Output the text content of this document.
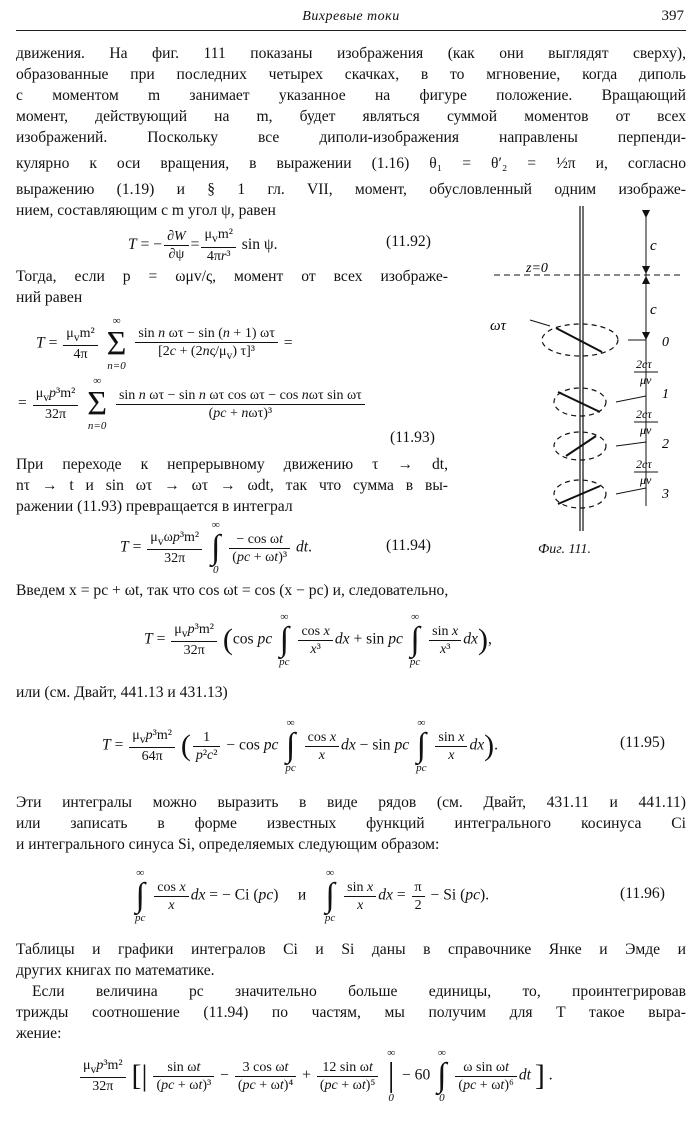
Вихревые токи	397
движения. На фиг. 111 показаны изображения (как они выглядят сверху),
образованные при последних четырех скачках, в то мгновение, когда диполь
с моментом m занимает указанное на фигуре положение. Вращающий
момент, действующий на m, будет являться суммой моментов от всех
изображений. Поскольку все диполи-изображения направлены перпенди-
кулярно к оси вращения, в выражении (1.16) θ₁ = θ′₂ = ½π и, согласно
выражению (1.19) и § 1 гл. VII, момент, обусловленный одним изображе-
нием, составляющим с m угол ψ, равен
T = − $\frac{\partial W}{\partial\psi} = \frac{\mu_vm^2}{\text{4πr³}}$ sin ψ.	(11.92)
Тогда, если p = ωμv/ς, момент от всех изображе-
ний равен
$T = \frac{\mu_vm^2}{4\pi}$

∞
Σ
n=0

$\frac{\text{sin n ωτ − sin (n + 1) ωτ}}{[2c + (2n\varsigma/\mu_v) \tau]^3}$ =
= $\frac{\mu_vp^3m^2}{32\pi}$

∞
Σ
n=0

$\frac{\text{sin n ωτ − sin n ωτ cos ωτ − cos nωτ sin ωτ}}{\text{(pc + nωτ)³}}$
(11.93)
При переходе к непрерывному движению τ → dt,
nτ → t и sin ωτ → ωτ → ωdt, так что сумма в вы-
ражении (11.93) превращается в интеграл
$T = \frac{\mu_v\omega p^3m^2}{32\pi}$

∞
∫
0

$\frac{\text{− cos ωt}}{\text{(pc + ωt)³}}$ dt.	(11.94)
Введем x = pc + ωt, так что cos ωt = cos (x − pc) и, следовательно,
$T = \frac{\mu_vp^3m^2}{32\pi} (\cos$ pc
∞
∫
pc

$\frac{\text{cos x}}{\text{x³}}$ dx + sin pc
∞
∫
pc

$\frac{\text{sin x}}{\text{x³}} dx$),
или (см. Двайт, 441.13 и 431.13)
$T = \frac{\mu_vp^3m^2}{64\pi}$ ( $\frac{1}{\text{p²c²}} - \cos$ pc
∞
∫
pc

$\frac{\text{cos x}}{x}$ dx − sin pc
∞
∫
pc

$\frac{\text{sin x}}{x} dx$).	(11.95)
Эти интегралы можно выразить в виде рядов (см. Двайт, 431.11 и 441.11)
или записать в форме известных функций интегрального косинуса Ci
и интегрального синуса Si, определяемых следующим образом:
∞
∫
pc

$\frac{\text{cos x}}{x}$ dx = − Ci (pc)     и
∞
∫
pc

$\frac{\text{sin x}}{x}$ dx = $\frac{\pi}{2} - Si$ (pc).	(11.96)
Таблицы и графики интегралов Ci и Si даны в справочнике Янке и Эмде и
других книгах по математике.
Если величина pc значительно больше единицы, то, проинтегрировав
трижды соотношение (11.94) по частям, мы получим для T такое выра-
жение:
$\frac{\mu_vp^3m^2}{32\pi}$ [| $\frac{\text{sin ωt}}{\text{(pc + ωt)³}} - \frac{\text{3 cos ωt}}{\text{(pc + ωt)⁴}} + \frac{\text{12 sin ωt}}{\text{(pc + ωt)⁵}}$

∞
|
0
− 60
∞
∫
0

$\frac{\text{ω sin ωt}}{\text{(pc + ωt)⁶}}$ dt ] .
c
z=0
c
ωτ
0
2cτ
μv
1
2cτ
μv
2
2cτ
μv
3
Фиг. 111.
